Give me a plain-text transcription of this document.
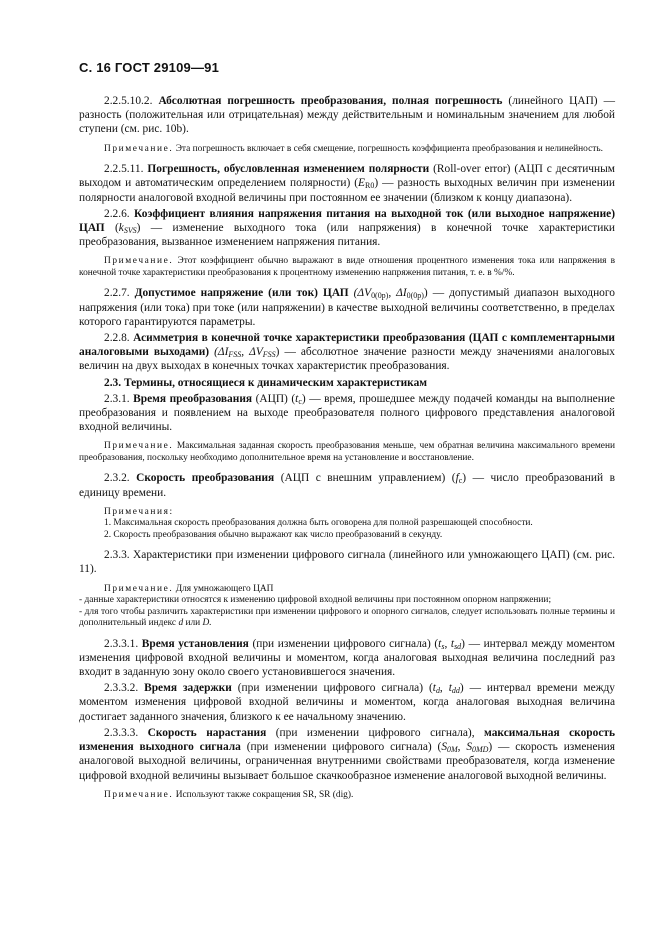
С. 16 ГОСТ 29109—91

2.2.5.10.2. Абсолютная погрешность преобразования, полная погрешность (линейного ЦАП) — разность (положительная или отрицательная) между действительным и номинальным значением для любой ступени (см. рис. 10b).

Примечание. Эта погрешность включает в себя смещение, погрешность коэффициента преобразования и нелинейность.

2.2.5.11. Погрешность, обусловленная изменением полярности (Roll-over error) (АЦП с десятичным выходом и автоматическим определением полярности) $(E_{R0})$ — разность выходных величин при изменении полярности аналоговой входной величины при постоянном ее значении (близком к концу диапазона).

2.2.6. Коэффициент влияния напряжения питания на выходной ток (или выходное напряжение) ЦАП $(k_{SVS})$ — изменение выходного тока (или напряжения) в конечной точке характеристики преобразования, вызванное изменением напряжения питания.

Примечание. Этот коэффициент обычно выражают в виде отношения процентного изменения тока или напряжения в конечной точке характеристики преобразования к процентному изменению напряжения питания, т. е. в %/%.

2.2.7. Допустимое напряжение (или ток) ЦАП ($\Delta V_{0(0p)}$, $\Delta I_{0(0p)}$) — допустимый диапазон выходного напряжения (или тока) при токе (или напряжении) в качестве выходной величины соответственно, в пределах которого гарантируются параметры.

2.2.8. Асимметрия в конечной точке характеристики преобразования (ЦАП с комплементарными аналоговыми выходами) ($\Delta I_{FSS}$, $\Delta V_{FSS}$) — абсолютное значение разности между значениями аналоговых величин на двух выходах в конечных точках характеристик преобразования.

2.3. Термины, относящиеся к динамическим характеристикам

2.3.1. Время преобразования (АЦП) $(t_c)$ — время, прошедшее между подачей команды на выполнение преобразования и появлением на выходе преобразователя полного цифрового представления аналоговой входной величины.

Примечание. Максимальная заданная скорость преобразования меньше, чем обратная величина максимального времени преобразования, поскольку необходимо дополнительное время на установление и восстановление.

2.3.2. Скорость преобразования (АЦП с внешним управлением) $(f_c)$ — число преобразований в единицу времени.

Примечания:

1. Максимальная скорость преобразования должна быть оговорена для полной разрешающей способности.

2. Скорость преобразования обычно выражают как число преобразований в секунду.

2.3.3. Характеристики при изменении цифрового сигнала (линейного или умножающего ЦАП) (см. рис. 11).

Примечание. Для умножающего ЦАП

- данные характеристики относятся к изменению цифровой входной величины при постоянном опорном напряжении;

- для того чтобы различить характеристики при изменении цифрового и опорного сигналов, следует использовать полные термины и дополнительный индекс d или D.

2.3.3.1. Время установления (при изменении цифрового сигнала) ($t_s$, $t_{sd}$) — интервал между моментом изменения цифровой входной величины и моментом, когда аналоговая выходная величина последний раз входит в заданную зону около своего установившегося значения.

2.3.3.2. Время задержки (при изменении цифрового сигнала) ($t_d$, $t_{dd}$) — интервал времени между моментом изменения цифровой входной величины и моментом, когда аналоговая выходная величина достигает заданного значения, близкого к ее начальному значению.

2.3.3.3. Скорость нарастания (при изменении цифрового сигнала), максимальная скорость изменения выходного сигнала (при изменении цифрового сигнала) ($S_{0M}$, $S_{0MD}$) — скорость изменения аналоговой выходной величины, ограниченная внутренними свойствами преобразователя, когда изменение цифровой входной величины вызывает большое скачкообразное изменение аналоговой выходной величины.

Примечание. Используют также сокращения SR, SR (dig).
